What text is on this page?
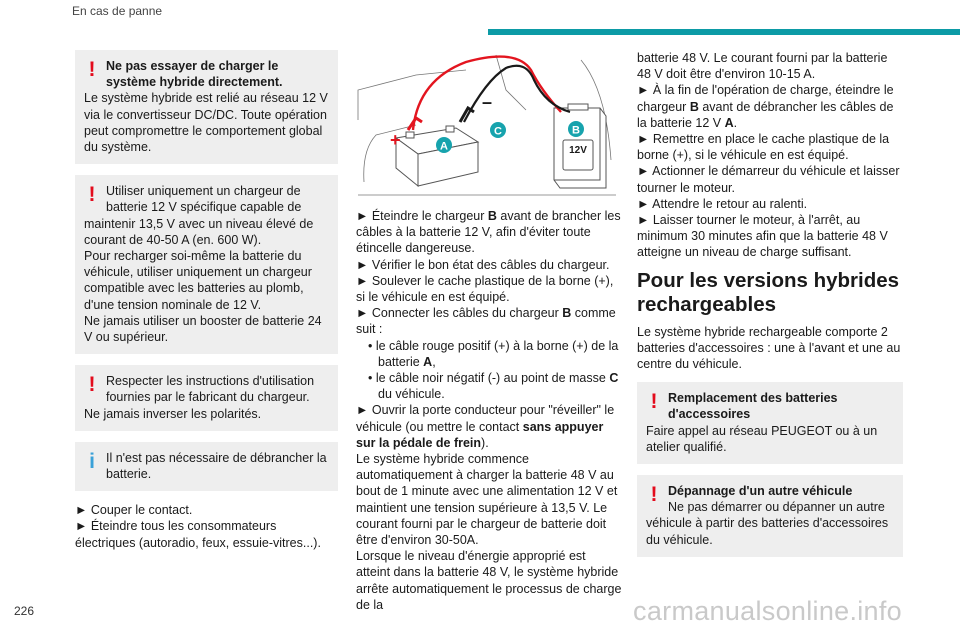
En cas de panne
! Ne pas essayer de charger le système hybride directement.

Le système hybride est relié au réseau 12 V via le convertisseur DC/DC. Toute opération peut compromettre le comportement global du système.

! Utiliser uniquement un chargeur de batterie 12 V spécifique capable de

maintenir 13,5 V avec un niveau élevé de courant de 40-50 A (en. 600 W).

Pour recharger soi-même la batterie du véhicule, utiliser uniquement un chargeur compatible avec les batteries au plomb, d'une tension nominale de 12 V.

Ne jamais utiliser un booster de batterie 24 V ou supérieur.

! Respecter les instructions d'utilisation fournies par le fabricant du chargeur.

Ne jamais inverser les polarités.

i Il n'est pas nécessaire de débrancher la batterie.

► Couper le contact.

► Éteindre tous les consommateurs électriques (autoradio, feux, essuie-vitres...).

+
–
A
C	B
12V

► Éteindre le chargeur B avant de brancher les câbles à la batterie 12 V, afin d'éviter toute étincelle dangereuse.

► Vérifier le bon état des câbles du chargeur.

► Soulever le cache plastique de la borne (+), si le véhicule en est équipé.

► Connecter les câbles du chargeur B comme suit :

• le câble rouge positif (+) à la borne (+) de la batterie A,

• le câble noir négatif (-) au point de masse C du véhicule.

► Ouvrir la porte conducteur pour "réveiller" le véhicule (ou mettre le contact sans appuyer sur la pédale de frein).

Le système hybride commence automatiquement à charger la batterie 48 V au bout de 1 minute avec une alimentation 12 V et maintient une tension supérieure à 13,5 V. Le courant fourni par le chargeur de batterie doit être d'environ 30-50A.

Lorsque le niveau d'énergie approprié est atteint dans la batterie 48 V, le système hybride arrête automatiquement le processus de charge de la

batterie 48 V. Le courant fourni par la batterie 48 V doit être d'environ 10-15 A.

► À la fin de l'opération de charge, éteindre le chargeur B avant de débrancher les câbles de la batterie 12 V A.

► Remettre en place le cache plastique de la borne (+), si le véhicule en est équipé.

► Actionner le démarreur du véhicule et laisser tourner le moteur.

► Attendre le retour au ralenti.

► Laisser tourner le moteur, à l'arrêt, au minimum 30 minutes afin que la batterie 48 V atteigne un niveau de charge suffisant.

Pour les versions hybrides rechargeables

Le système hybride rechargeable comporte 2 batteries d'accessoires : une à l'avant et une au centre du véhicule.

! Remplacement des batteries d'accessoires

Faire appel au réseau PEUGEOT ou à un atelier qualifié.

! Dépannage d'un autre véhicule

Ne pas démarrer ou dépanner un autre

véhicule à partir des batteries d'accessoires du véhicule.

226	carmanualsonline.info
